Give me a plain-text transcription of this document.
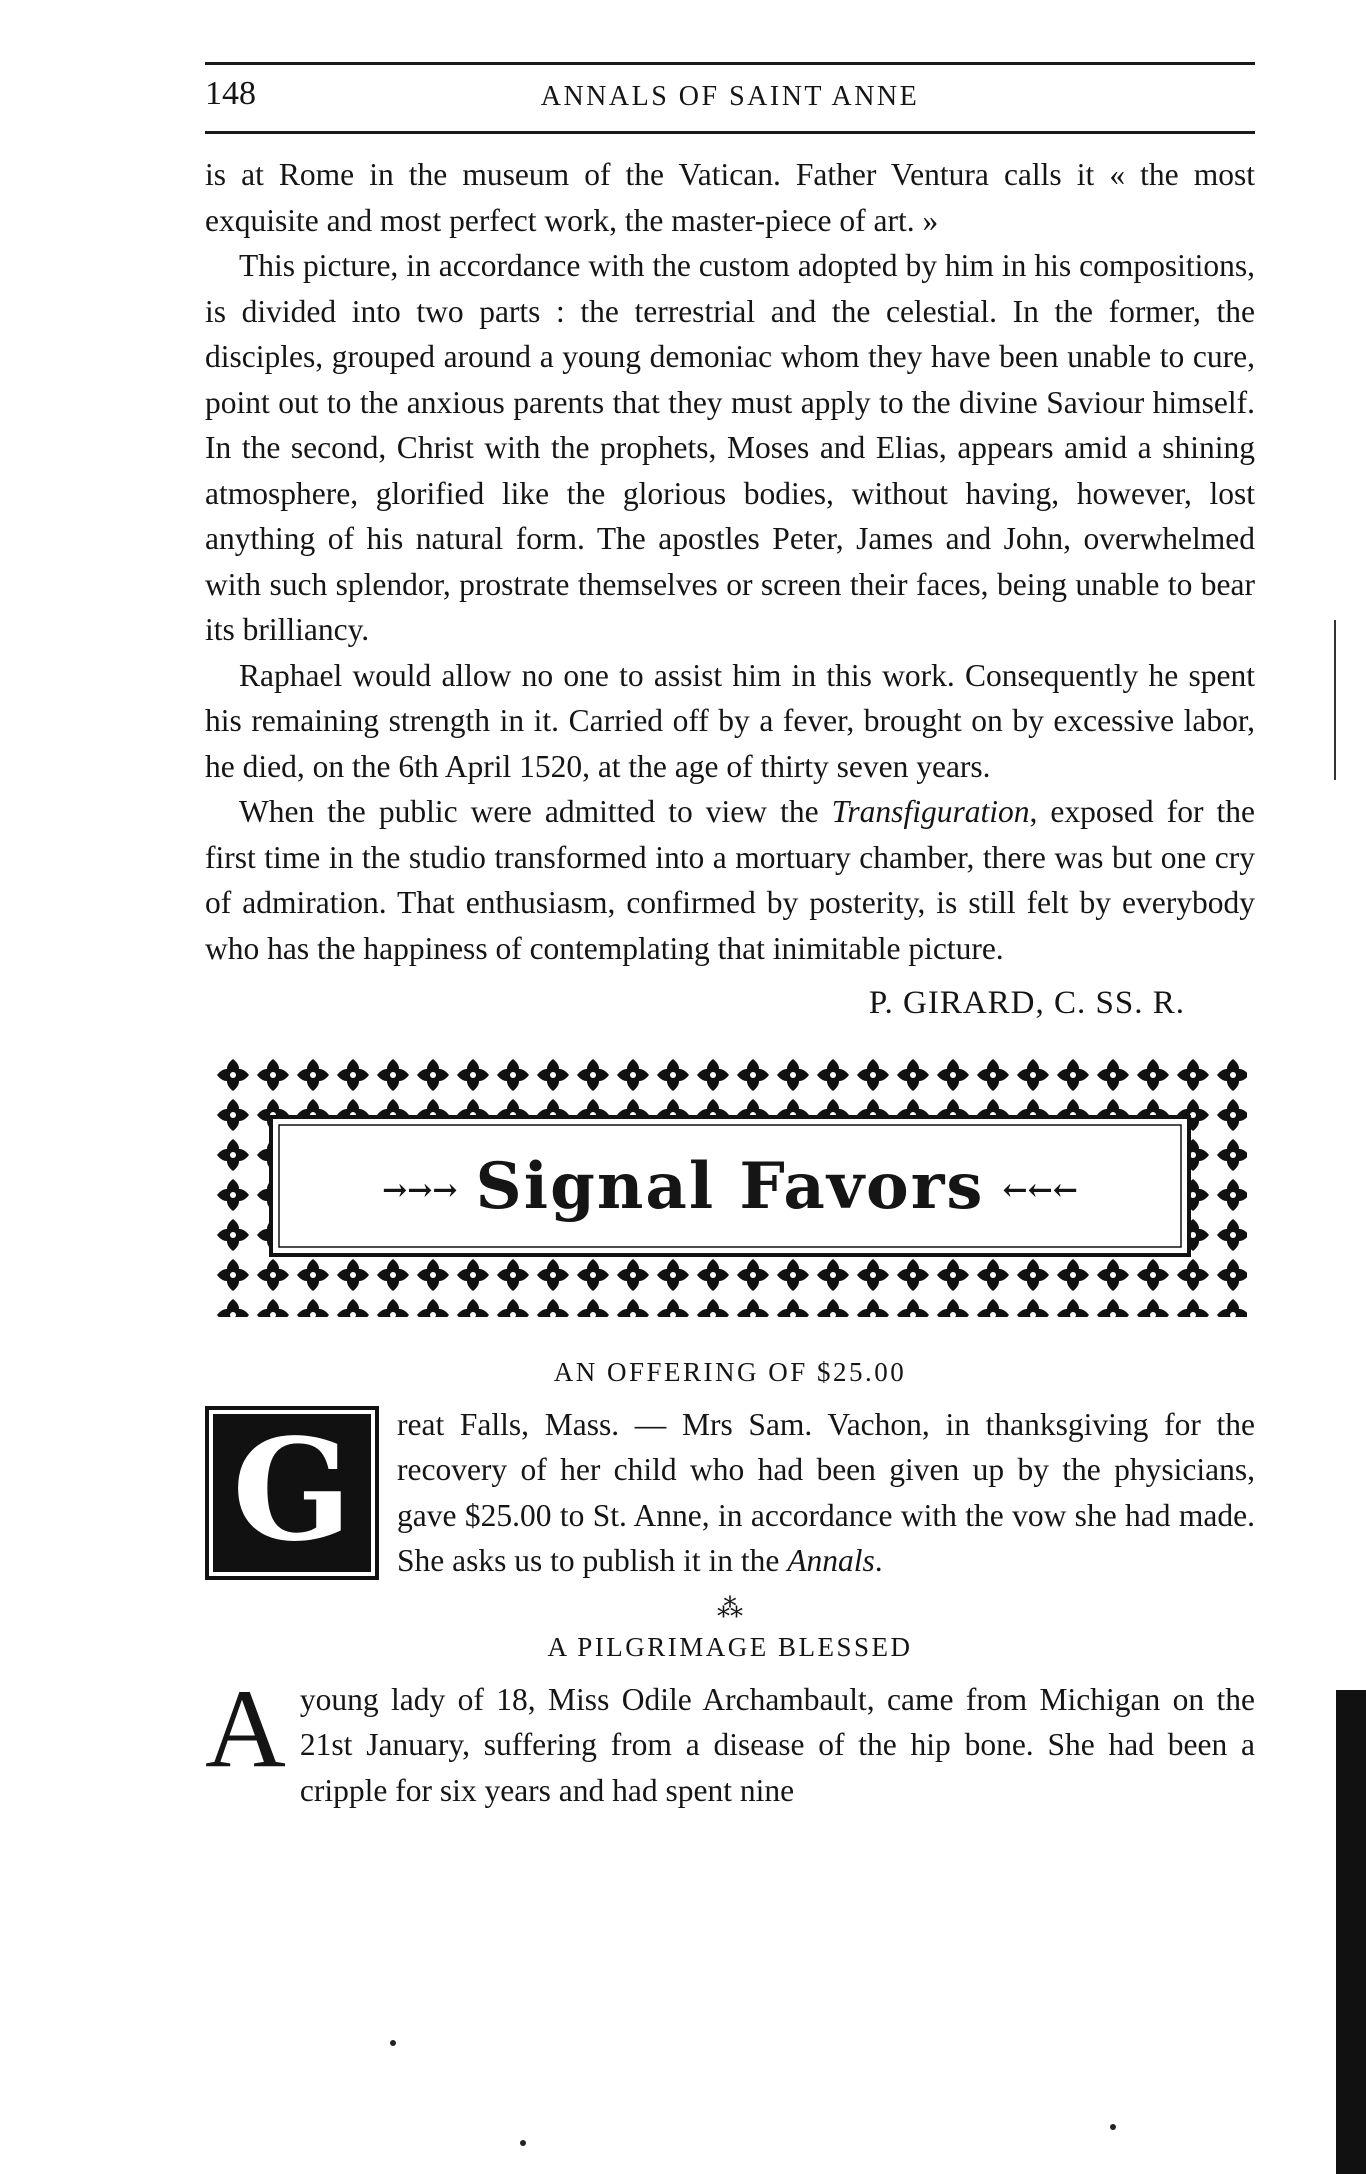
148	ANNALS OF SAINT ANNE

is at Rome in the museum of the Vatican. Father Ventura calls it « the most exquisite and most perfect work, the master-piece of art. »

This picture, in accordance with the custom adopted by him in his compositions, is divided into two parts : the terrestrial and the celestial. In the former, the disciples, grouped around a young demoniac whom they have been unable to cure, point out to the anxious parents that they must apply to the divine Saviour himself. In the second, Christ with the prophets, Moses and Elias, appears amid a shining atmosphere, glorified like the glorious bodies, without having, however, lost anything of his natural form. The apostles Peter, James and John, overwhelmed with such splendor, prostrate themselves or screen their faces, being unable to bear its brilliancy.

Raphael would allow no one to assist him in this work. Consequently he spent his remaining strength in it. Carried off by a fever, brought on by excessive labor, he died, on the 6th April 1520, at the age of thirty seven years.

When the public were admitted to view the Transfiguration, exposed for the first time in the studio transformed into a mortuary chamber, there was but one cry of admiration. That enthusiasm, confirmed by posterity, is still felt by everybody who has the happiness of contemplating that inimitable picture.

P. GIRARD, C. SS. R.

→→→ Signal Favors ←←←
AN OFFERING OF $25.00
G	reat Falls, Mass. — Mrs Sam. Vachon, in thanksgiving for the recovery of her child who had been given up by the physicians, gave $25.00 to St. Anne, in accordance with the vow she had made. She asks us to publish it in the Annals.

⁂
A PILGRIMAGE BLESSED
A young lady of 18, Miss Odile Archambault, came from Michigan on the 21st January, suffering from a disease of the hip bone. She had been a cripple for six years and had spent nine
